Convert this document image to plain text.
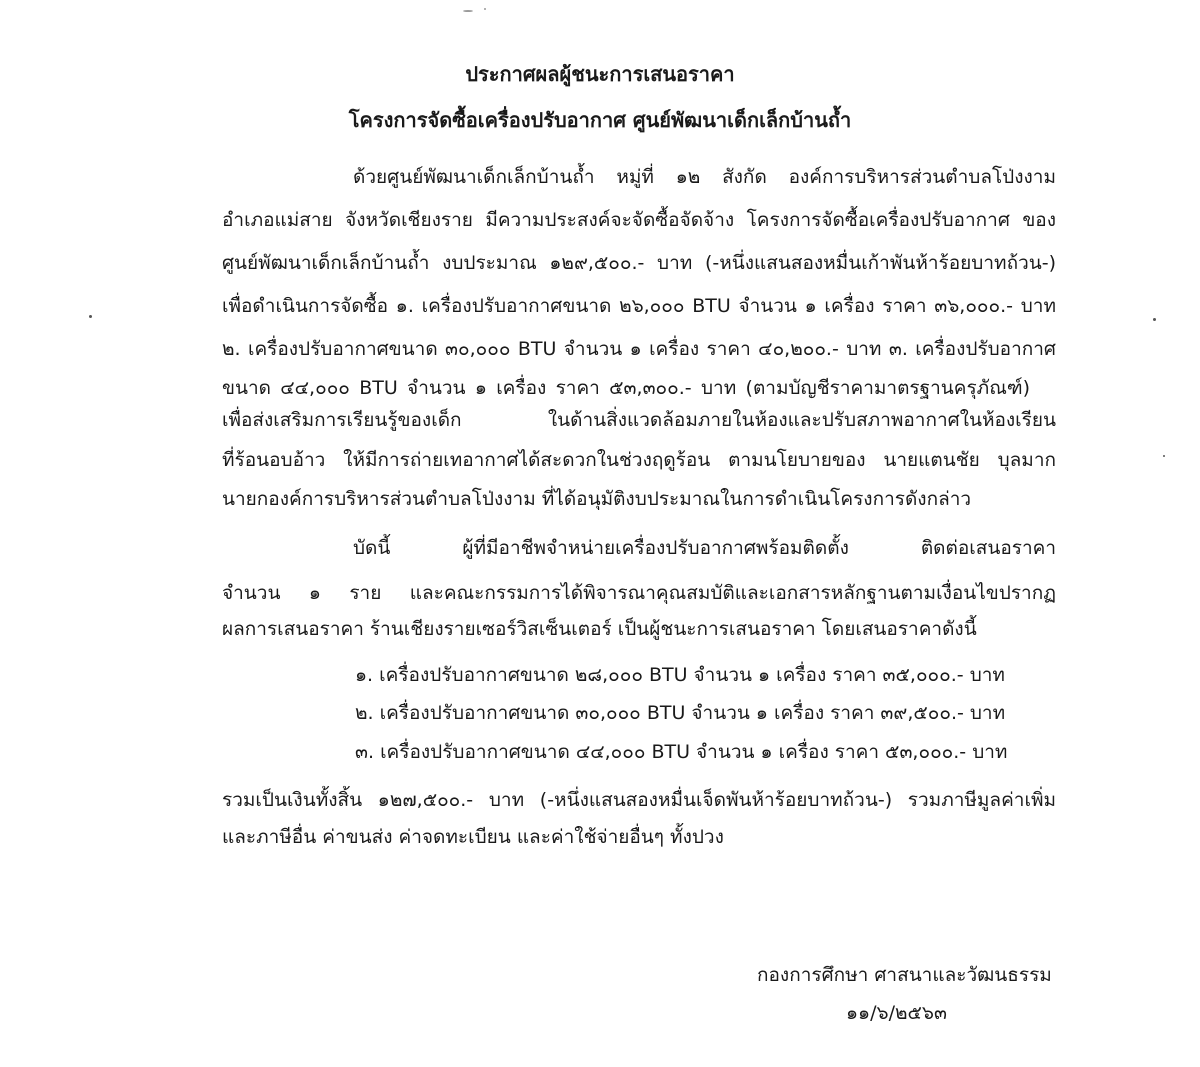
ประกาศผลผู้ชนะการเสนอราคา
โครงการจัดซื้อเครื่องปรับอากาศ ศูนย์พัฒนาเด็กเล็กบ้านถ้ำ
ด้วยศูนย์พัฒนาเด็กเล็กบ้านถ้ำ หมู่ที่ ๑๒ สังกัด องค์การบริหารส่วนตำบลโป่งงาม
อำเภอแม่สาย จังหวัดเชียงราย มีความประสงค์จะจัดซื้อจัดจ้าง โครงการจัดซื้อเครื่องปรับอากาศ ของ
ศูนย์พัฒนาเด็กเล็กบ้านถ้ำ งบประมาณ ๑๒๙,๕๐๐.- บาท (-หนึ่งแสนสองหมื่นเก้าพันห้าร้อยบาทถ้วน-)
เพื่อดำเนินการจัดซื้อ ๑. เครื่องปรับอากาศขนาด ๒๖,๐๐๐ BTU จำนวน ๑ เครื่อง ราคา ๓๖,๐๐๐.- บาท
๒. เครื่องปรับอากาศขนาด ๓๐,๐๐๐ BTU จำนวน ๑ เครื่อง ราคา ๔๐,๒๐๐.- บาท ๓. เครื่องปรับอากาศ
ขนาด ๔๔,๐๐๐ BTU จำนวน ๑ เครื่อง ราคา ๕๓,๓๐๐.- บาท (ตามบัญชีราคามาตรฐานครุภัณฑ์)
เพื่อส่งเสริมการเรียนรู้ของเด็ก ในด้านสิ่งแวดล้อมภายในห้องและปรับสภาพอากาศในห้องเรียน
ที่ร้อนอบอ้าว ให้มีการถ่ายเทอากาศได้สะดวกในช่วงฤดูร้อน ตามนโยบายของ นายแตนชัย บุลมาก
นายกองค์การบริหารส่วนตำบลโป่งงาม ที่ได้อนุมัติงบประมาณในการดำเนินโครงการดังกล่าว
บัดนี้ ผู้ที่มีอาชีพจำหน่ายเครื่องปรับอากาศพร้อมติดตั้ง ติดต่อเสนอราคา
จำนวน ๑ ราย และคณะกรรมการได้พิจารณาคุณสมบัติและเอกสารหลักฐานตามเงื่อนไขปรากฏ
ผลการเสนอราคา ร้านเชียงรายเซอร์วิสเซ็นเตอร์ เป็นผู้ชนะการเสนอราคา โดยเสนอราคาดังนี้
๑. เครื่องปรับอากาศขนาด ๒๘,๐๐๐ BTU จำนวน ๑ เครื่อง ราคา ๓๕,๐๐๐.- บาท
๒. เครื่องปรับอากาศขนาด ๓๐,๐๐๐ BTU จำนวน ๑ เครื่อง ราคา ๓๙,๕๐๐.- บาท
๓. เครื่องปรับอากาศขนาด ๔๔,๐๐๐ BTU จำนวน ๑ เครื่อง ราคา ๕๓,๐๐๐.- บาท
รวมเป็นเงินทั้งสิ้น ๑๒๗,๕๐๐.- บาท (-หนึ่งแสนสองหมื่นเจ็ดพันห้าร้อยบาทถ้วน-) รวมภาษีมูลค่าเพิ่ม
และภาษีอื่น ค่าขนส่ง ค่าจดทะเบียน และค่าใช้จ่ายอื่นๆ ทั้งปวง
กองการศึกษา ศาสนาและวัฒนธรรม
๑๑/๖/๒๕๖๓
